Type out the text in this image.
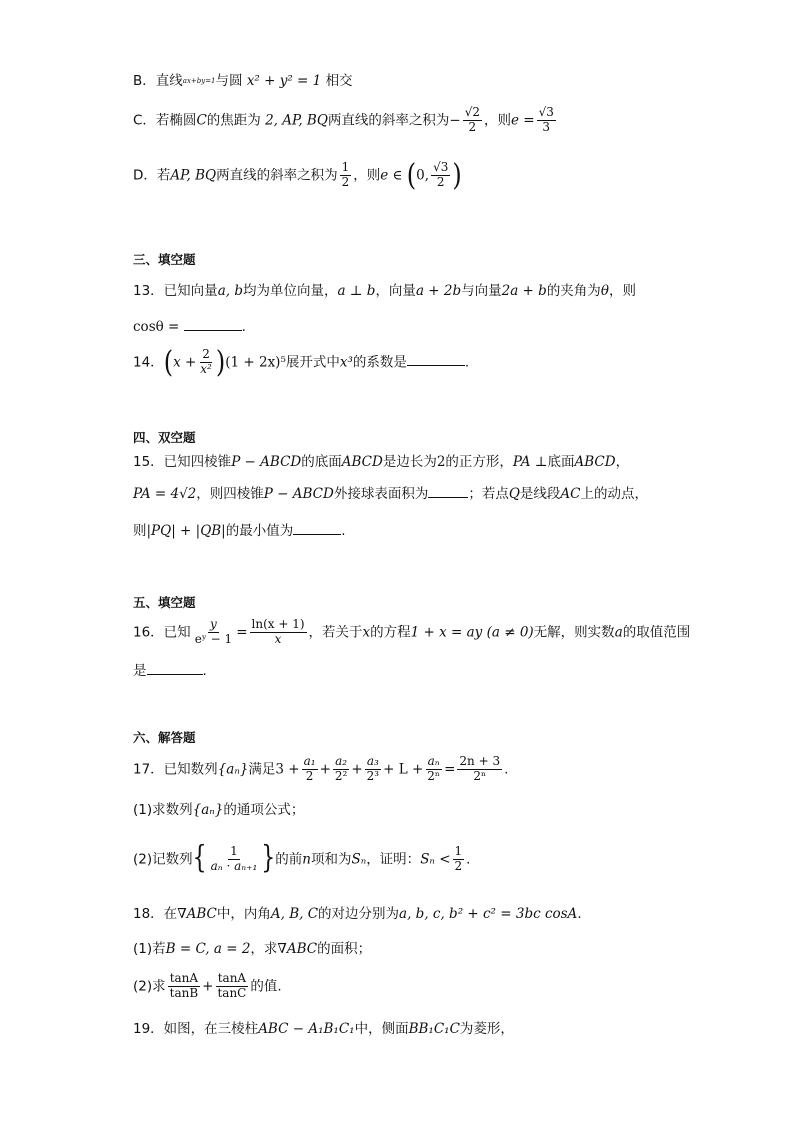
B．直线ax+by=1与圆 x² + y² = 1 相交
C．若椭圆C的焦距为 2, AP, BQ两直线的斜率之积为− $\frac{√2}{2}$ ，则$e = \frac{√3}{3}$
D．若AP, BQ两直线的斜率之积为 $\frac{1}{2}$ ，则e ∈ (0, $\frac{√3}{2}$ )
三、填空题
13．已知向量a, b均为单位向量，a ⊥ b，向量a + 2b与向量2a + b的夹角为θ，则
cosθ =	.
14．$(x + \frac{2}{\text{x²}} )(1 + 2x)^5$展开式中x³的系数是	.
四、双空题
15．已知四棱锥P − ABCD的底面ABCD是边长为2的正方形，PA ⊥底面ABCD，
PA = 4√2，则四棱锥P − ABCD外接球表面积为	；若点Q是线段AC上的动点，
则|PQ| + |QB|的最小值为	.
五、填空题
16．已知 $\frac{y}{\text{eʸ − 1}} = \frac{\ln(x + 1)}{x}$ ，若关于x的方程1 + x = ay (a ≠ 0)无解，则实数a的取值范围
是	.
六、解答题
17．已知数列{aₙ}满足$3 + \frac{\text{a₁}}{2} + \frac{\text{a₂}}{\text{2²}} + \frac{\text{a₃}}{\text{2³}} + L + \frac{\text{aₙ}}{\text{2ⁿ}} = \frac{2n + 3}{\text{2ⁿ}}$ .
(1)求数列{aₙ}的通项公式；
(2)记数列{ $\frac{1}{\text{aₙ · aₙ₊₁}}$ }的前n项和为Sₙ，证明：$S_n < \frac{1}{2}$ .
18．在∇ABC中，内角A, B, C的对边分别为a, b, c, b² + c² = 3bc cosA.
(1)若B = C, a = 2，求∇ABC的面积；
(2)求 $\frac{\tan A}{\tan B} + \frac{\tan A}{\tan C}$ 的值.
19．如图，在三棱柱ABC − A₁B₁C₁中，侧面BB₁C₁C为菱形，
